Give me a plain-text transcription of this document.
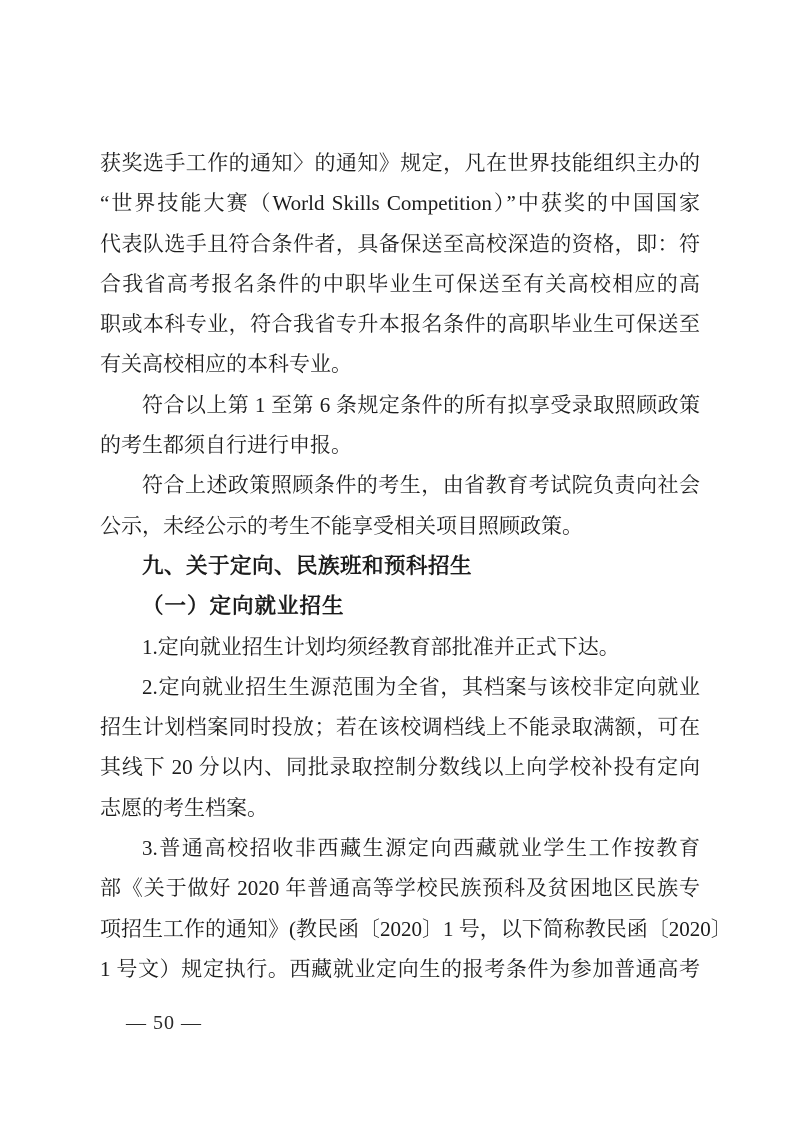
获奖选手工作的通知〉的通知》规定，凡在世界技能组织主办的
“世界技能大赛（World Skills Competition）”中获奖的中国国家
代表队选手且符合条件者，具备保送至高校深造的资格，即：符
合我省高考报名条件的中职毕业生可保送至有关高校相应的高
职或本科专业，符合我省专升本报名条件的高职毕业生可保送至
有关高校相应的本科专业。
符合以上第 1 至第 6 条规定条件的所有拟享受录取照顾政策
的考生都须自行进行申报。
符合上述政策照顾条件的考生，由省教育考试院负责向社会
公示，未经公示的考生不能享受相关项目照顾政策。
九、关于定向、民族班和预科招生
（一）定向就业招生
1.定向就业招生计划均须经教育部批准并正式下达。
2.定向就业招生生源范围为全省，其档案与该校非定向就业
招生计划档案同时投放；若在该校调档线上不能录取满额，可在
其线下 20 分以内、同批录取控制分数线以上向学校补投有定向
志愿的考生档案。
3.普通高校招收非西藏生源定向西藏就业学生工作按教育
部《关于做好 2020 年普通高等学校民族预科及贫困地区民族专
项招生工作的通知》(教民函〔2020〕1 号，以下简称教民函〔2020〕
1 号文）规定执行。西藏就业定向生的报考条件为参加普通高考
— 50 —
